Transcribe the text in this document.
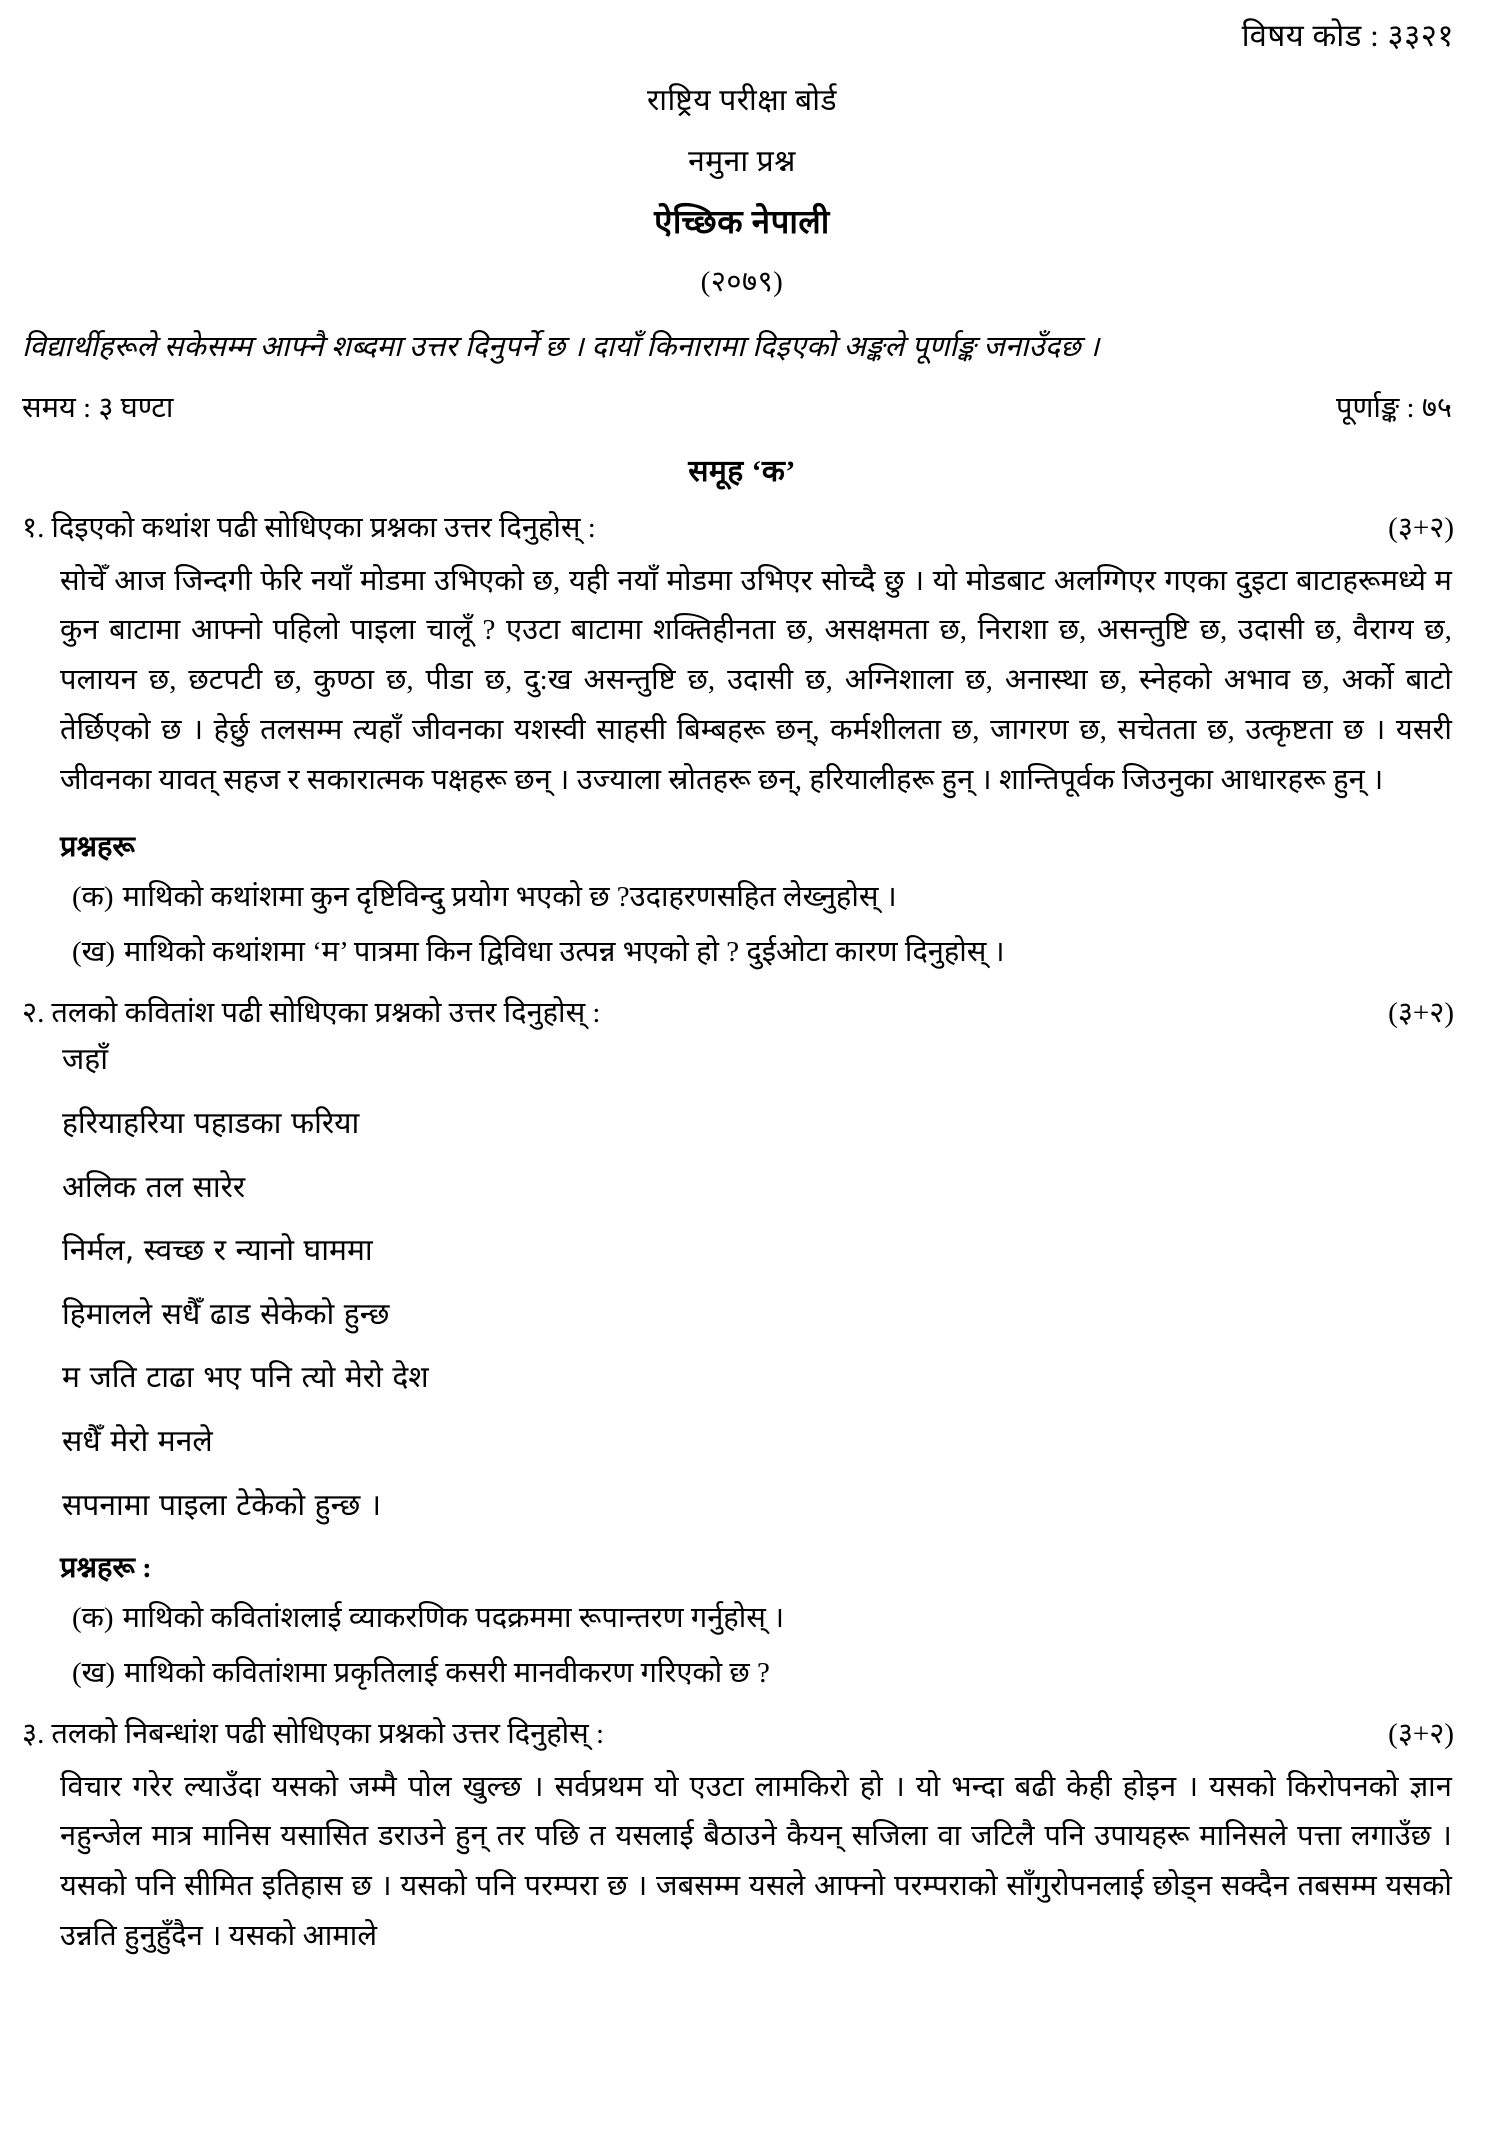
विषय कोड : ३३२१
राष्ट्रिय परीक्षा बोर्ड
नमुना प्रश्न
ऐच्छिक नेपाली
(२०७९)
विद्यार्थीहरूले सकेसम्म आफ्नै शब्दमा उत्तर दिनुपर्ने छ । दायाँ किनारामा दिइएको अङ्कले पूर्णाङ्क जनाउँदछ ।
समय : ३ घण्टा	पूर्णाङ्क : ७५
समूह ‘क’
१. दिइएको कथांश पढी सोधिएका प्रश्नका उत्तर दिनुहोस् :	(३+२)
सोचेँ आज जिन्दगी फेरि नयाँ मोडमा उभिएको छ, यही नयाँ मोडमा उभिएर सोच्दै छु । यो मोडबाट अलग्गिएर गएका दुइटा बाटाहरूमध्ये म कुन बाटामा आफ्नो पहिलो पाइला चालूँ ? एउटा बाटामा शक्तिहीनता छ, असक्षमता छ, निराशा छ, असन्तुष्टि छ, उदासी छ, वैराग्य छ, पलायन छ, छटपटी छ, कुण्ठा छ, पीडा छ, दु:ख असन्तुष्टि छ, उदासी छ, अग्निशाला छ, अनास्था छ, स्नेहको अभाव छ, अर्को बाटो तेर्छिएको छ । हेर्छु तलसम्म त्यहाँ जीवनका यशस्वी साहसी बिम्बहरू छन्, कर्मशीलता छ, जागरण छ, सचेतता छ, उत्कृष्टता छ । यसरी जीवनका यावत् सहज र सकारात्मक पक्षहरू छन् । उज्याला स्रोतहरू छन्, हरियालीहरू हुन् । शान्तिपूर्वक जिउनुका आधारहरू हुन् ।
प्रश्नहरू
(क) माथिको कथांशमा कुन दृष्टिविन्दु प्रयोग भएको छ ?उदाहरणसहित लेख्नुहोस् ।
(ख) माथिको कथांशमा ‘म’ पात्रमा किन द्विविधा उत्पन्न भएको हो ? दुईओटा कारण दिनुहोस् ।
२. तलको कवितांश पढी सोधिएका प्रश्नको उत्तर दिनुहोस् :	(३+२)
जहाँ
हरियाहरिया पहाडका फरिया
अलिक तल सारेर
निर्मल, स्वच्छ र न्यानो घाममा
हिमालले सधैँ ढाड सेकेको हुन्छ
म जति टाढा भए पनि त्यो मेरो देश
सधैँ मेरो मनले
सपनामा पाइला टेकेको हुन्छ ।
प्रश्नहरू :
(क) माथिको कवितांशलाई व्याकरणिक पदक्रममा रूपान्तरण गर्नुहोस् ।
(ख) माथिको कवितांशमा प्रकृतिलाई कसरी मानवीकरण गरिएको छ ?
३. तलको निबन्धांश पढी सोधिएका प्रश्नको उत्तर दिनुहोस् :	(३+२)
विचार गरेर ल्याउँदा यसको जम्मै पोल खुल्छ । सर्वप्रथम यो एउटा लामकिरो हो । यो भन्दा बढी केही होइन । यसको किरोपनको ज्ञान नहुन्जेल मात्र मानिस यसासित डराउने हुन् तर पछि त यसलाई बैठाउने कैयन् सजिला वा जटिलै पनि उपायहरू मानिसले पत्ता लगाउँछ । यसको पनि सीमित इतिहास छ । यसको पनि परम्परा छ । जबसम्म यसले आफ्नो परम्पराको साँगुरोपनलाई छोड्न सक्दैन तबसम्म यसको उन्नति हुनुहुँदैन । यसको आमाले
